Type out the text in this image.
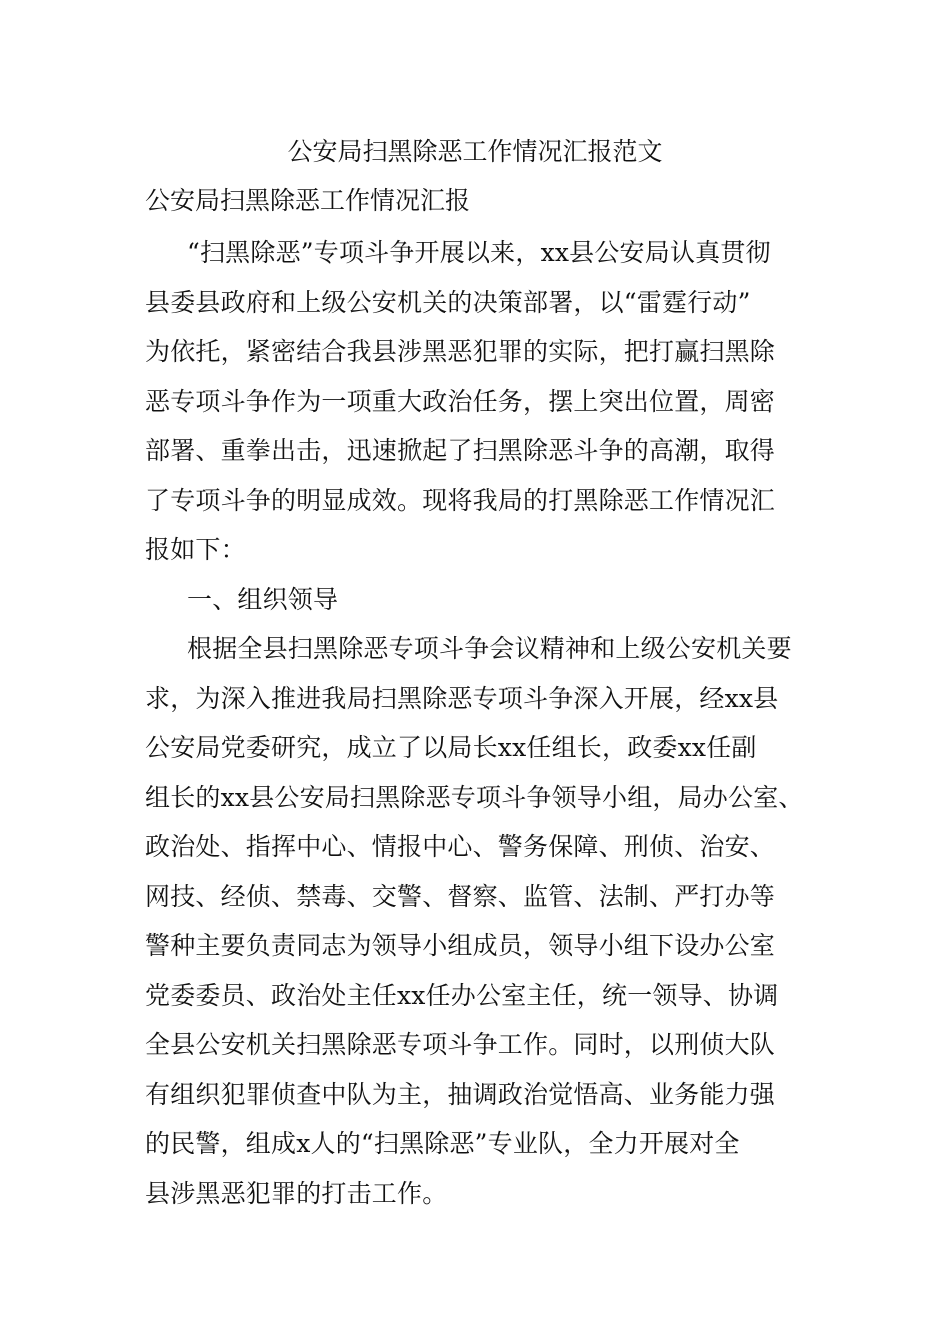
公安局扫黑除恶工作情况汇报范文
公安局扫黑除恶工作情况汇报
“扫黑除恶”专项斗争开展以来，xx县公安局认真贯彻
县委县政府和上级公安机关的决策部署，以“雷霆行动”
为依托，紧密结合我县涉黑恶犯罪的实际，把打赢扫黑除
恶专项斗争作为一项重大政治任务，摆上突出位置，周密
部署、重拳出击，迅速掀起了扫黑除恶斗争的高潮，取得
了专项斗争的明显成效。现将我局的打黑除恶工作情况汇
报如下：
一、组织领导
根据全县扫黑除恶专项斗争会议精神和上级公安机关要
求，为深入推进我局扫黑除恶专项斗争深入开展，经xx县
公安局党委研究，成立了以局长xx任组长，政委xx任副
组长的xx县公安局扫黑除恶专项斗争领导小组，局办公室、
政治处、指挥中心、情报中心、警务保障、刑侦、治安、
网技、经侦、禁毒、交警、督察、监管、法制、严打办等
警种主要负责同志为领导小组成员，领导小组下设办公室
党委委员、政治处主任xx任办公室主任，统一领导、协调
全县公安机关扫黑除恶专项斗争工作。同时，以刑侦大队
有组织犯罪侦查中队为主，抽调政治觉悟高、业务能力强
的民警，组成x人的“扫黑除恶”专业队，全力开展对全
县涉黑恶犯罪的打击工作。
